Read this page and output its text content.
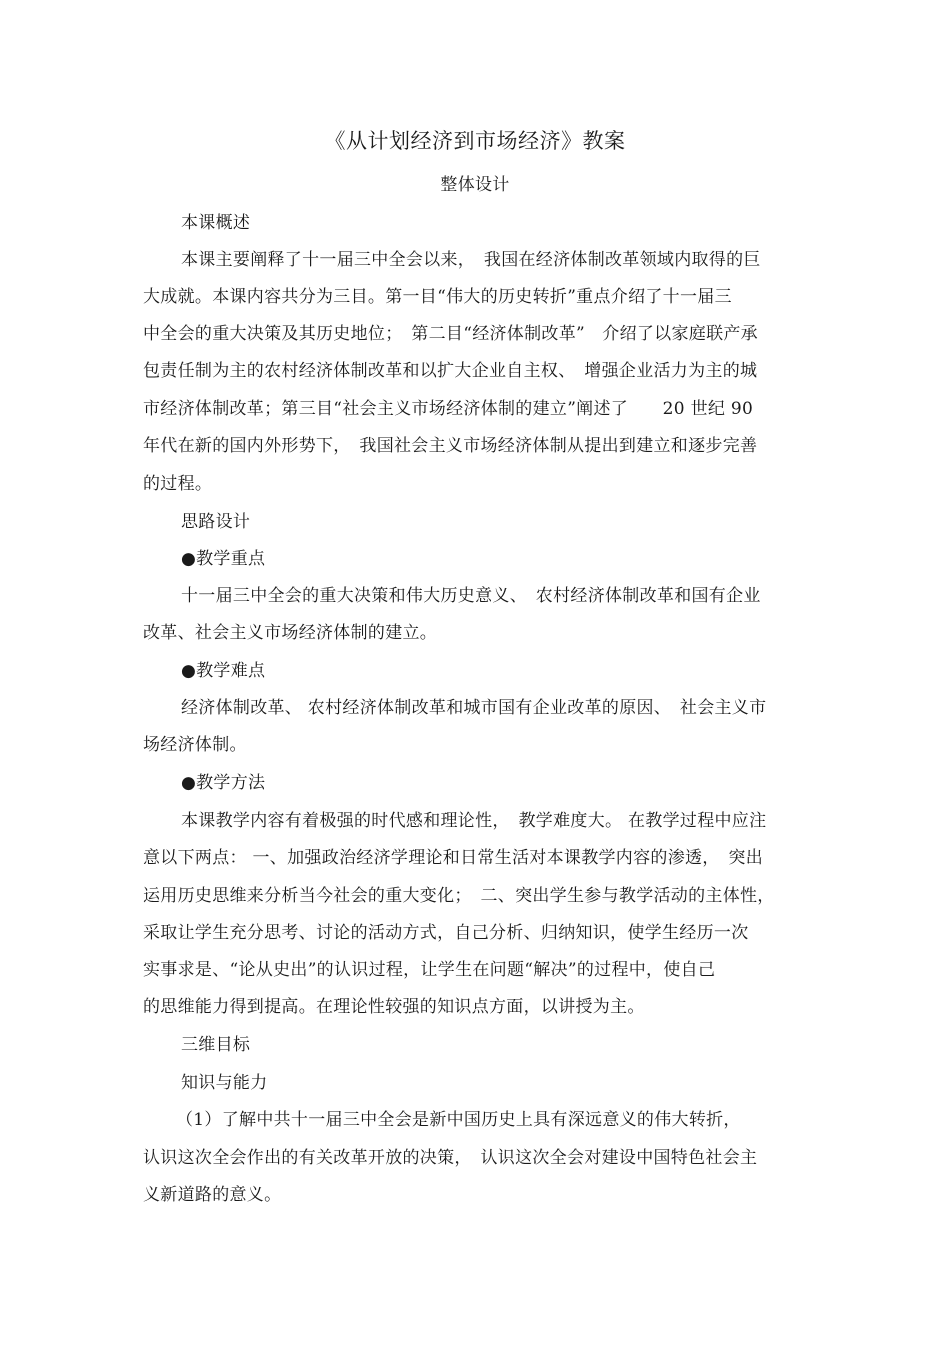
《从计划经济到市场经济》教案
整体设计
本课概述
本课主要阐释了十一届三中全会以来，　我国在经济体制改革领域内取得的巨
大成就。本课内容共分为三目。第一目“伟大的历史转折”重点介绍了十一届三
中全会的重大决策及其历史地位；　第二目“经济体制改革”　介绍了以家庭联产承
包责任制为主的农村经济体制改革和以扩大企业自主权、　增强企业活力为主的城
市经济体制改革；第三目“社会主义市场经济体制的建立”阐述了　　20 世纪 90
年代在新的国内外形势下，　我国社会主义市场经济体制从提出到建立和逐步完善
的过程。
思路设计
●教学重点
十一届三中全会的重大决策和伟大历史意义、　农村经济体制改革和国有企业
改革、社会主义市场经济体制的建立。
●教学难点
经济体制改革、 农村经济体制改革和城市国有企业改革的原因、　社会主义市
场经济体制。
●教学方法
本课教学内容有着极强的时代感和理论性，　教学难度大。 在教学过程中应注
意以下两点： 一、加强政治经济学理论和日常生活对本课教学内容的渗透，　突出
运用历史思维来分析当今社会的重大变化；　二、突出学生参与教学活动的主体性，
采取让学生充分思考、讨论的活动方式，自己分析、归纳知识，使学生经历一次
实事求是、“论从史出”的认识过程，让学生在问题“解决”的过程中，使自己
的思维能力得到提高。在理论性较强的知识点方面，以讲授为主。
三维目标
知识与能力
（1）了解中共十一届三中全会是新中国历史上具有深远意义的伟大转折，
认识这次全会作出的有关改革开放的决策，　认识这次全会对建设中国特色社会主
义新道路的意义。
